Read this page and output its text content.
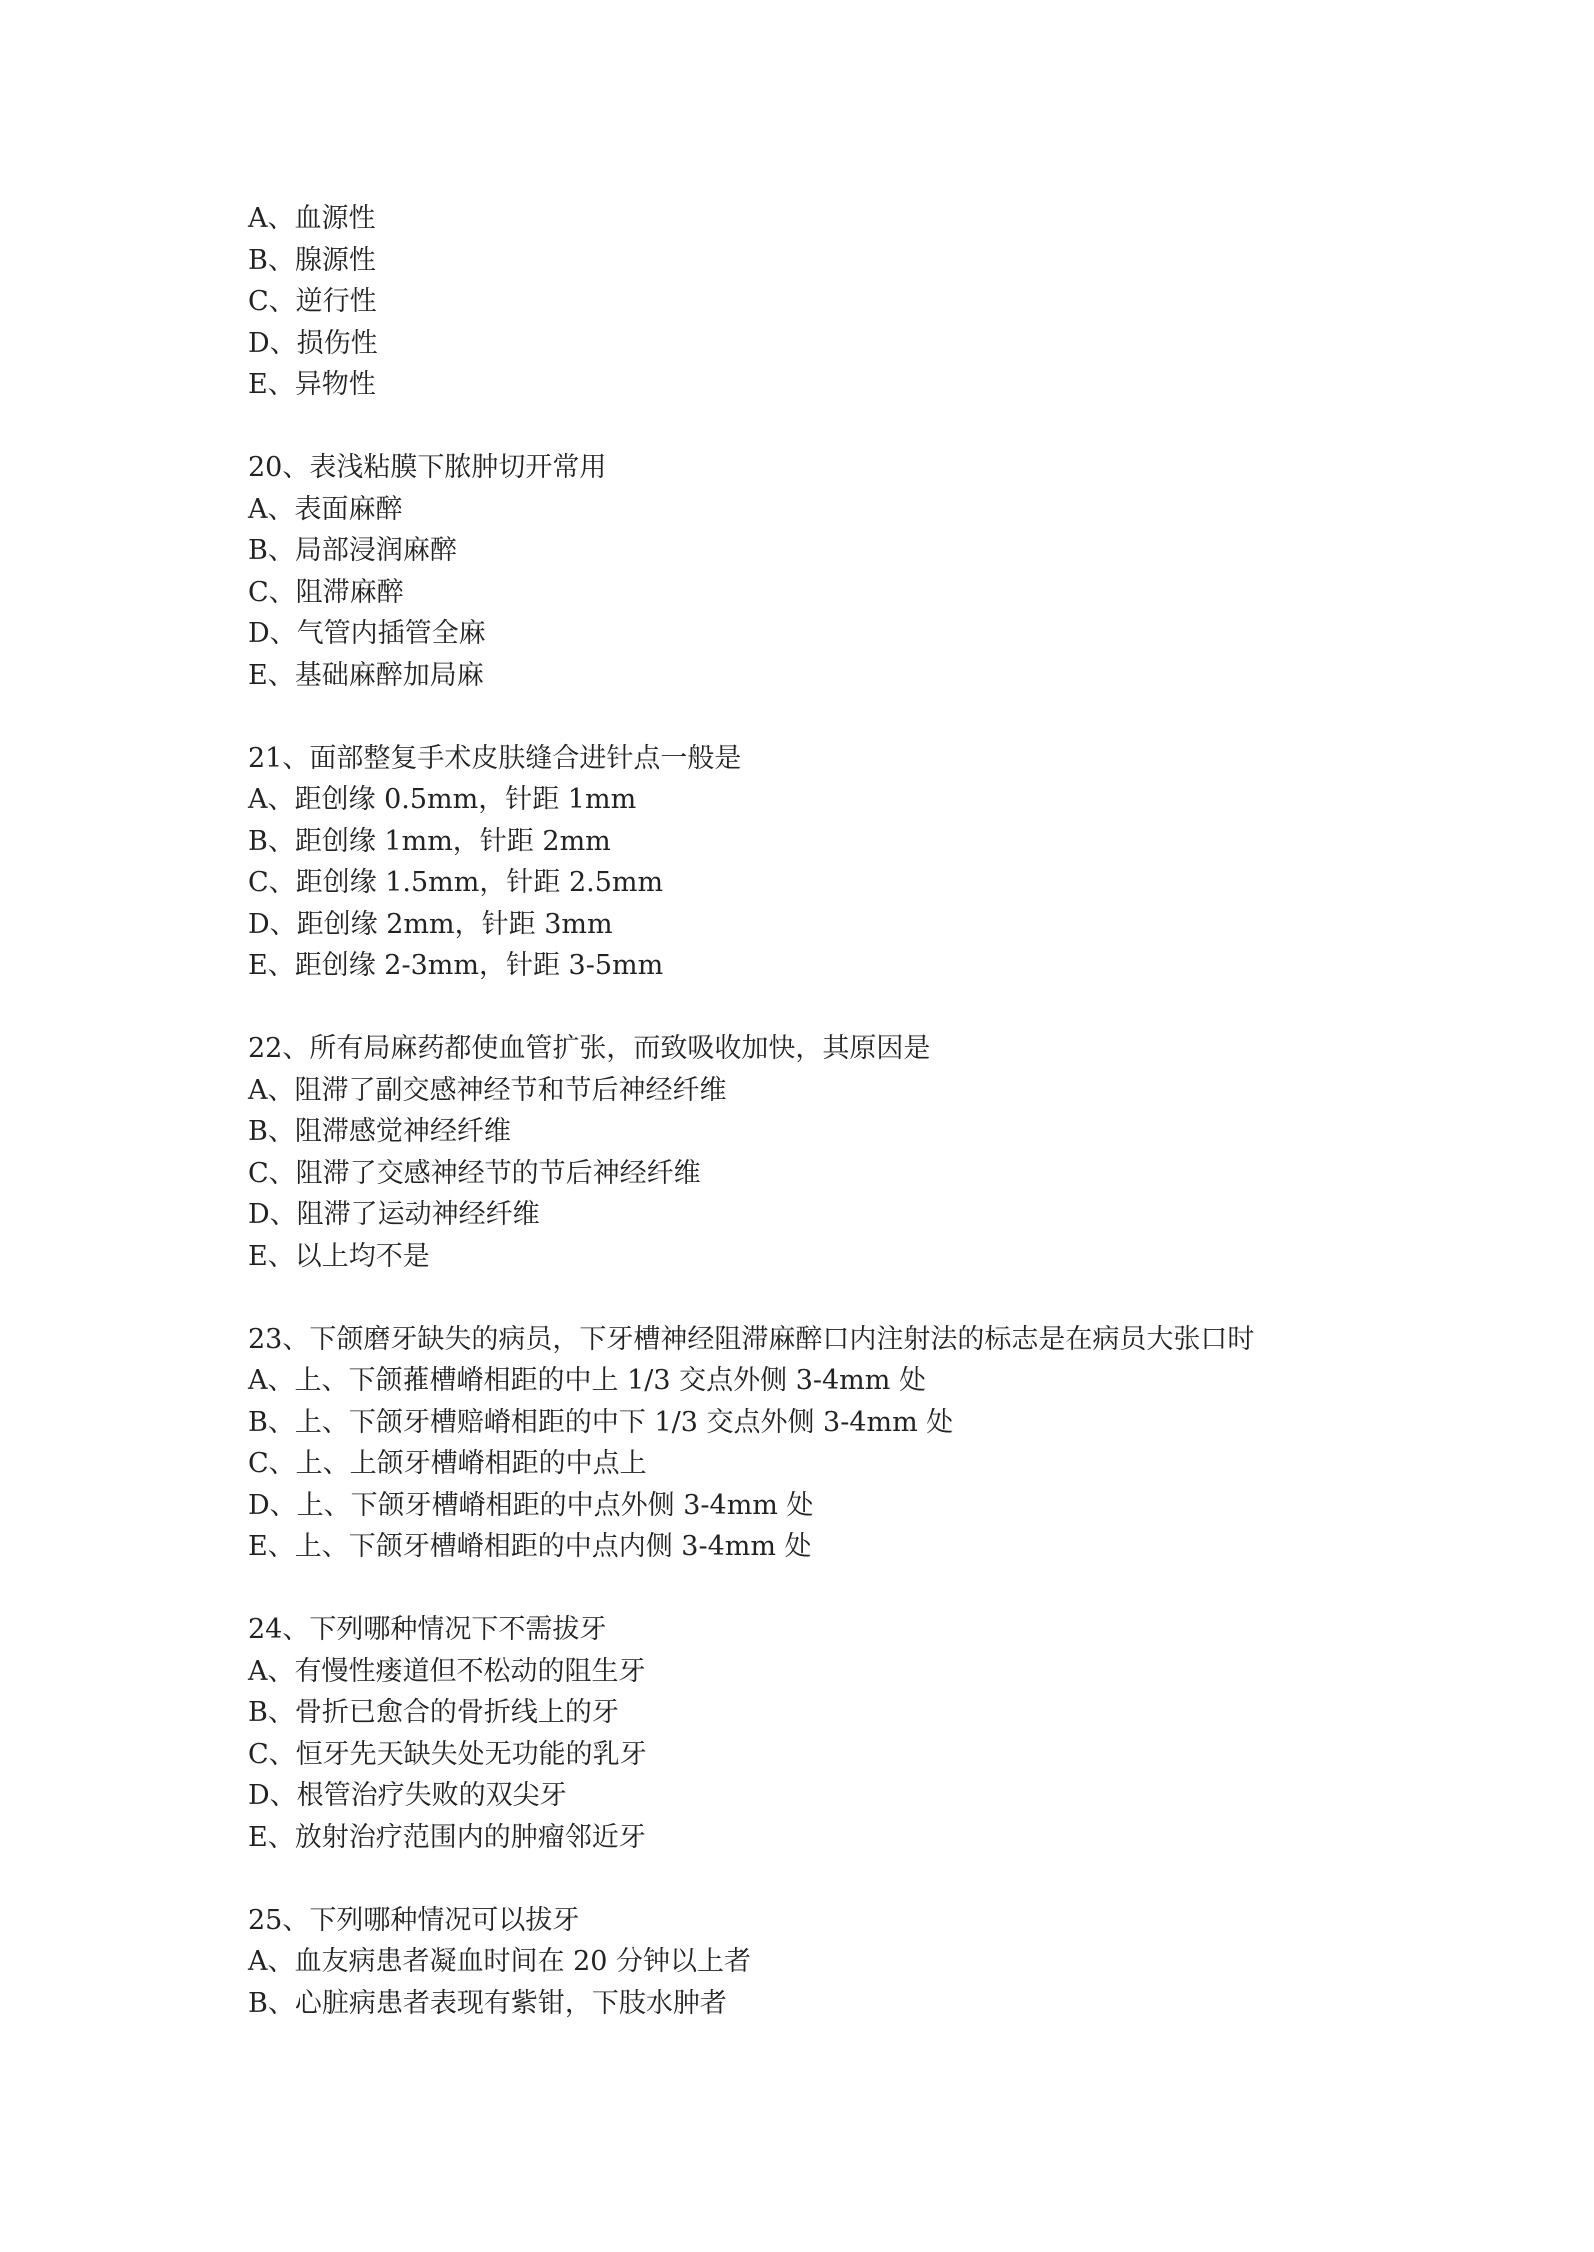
A、血源性
B、腺源性
C、逆行性
D、损伤性
E、异物性
20、表浅粘膜下脓肿切开常用
A、表面麻醉
B、局部浸润麻醉
C、阻滞麻醉
D、气管内插管全麻
E、基础麻醉加局麻
21、面部整复手术皮肤缝合进针点一般是
A、距创缘 0.5mm，针距 1mm
B、距创缘 1mm，针距 2mm
C、距创缘 1.5mm，针距 2.5mm
D、距创缘 2mm，针距 3mm
E、距创缘 2-3mm，针距 3-5mm
22、所有局麻药都使血管扩张，而致吸收加快，其原因是
A、阻滞了副交感神经节和节后神经纤维
B、阻滞感觉神经纤维
C、阻滞了交感神经节的节后神经纤维
D、阻滞了运动神经纤维
E、以上均不是
23、下颌磨牙缺失的病员，下牙槽神经阻滞麻醉口内注射法的标志是在病员大张口时
A、上、下颌蓷槽嵴相距的中上 1/3 交点外侧 3-4mm 处
B、上、下颌牙槽赔嵴相距的中下 1/3 交点外侧 3-4mm 处
C、上、上颌牙槽嵴相距的中点上
D、上、下颌牙槽嵴相距的中点外侧 3-4mm 处
E、上、下颌牙槽嵴相距的中点内侧 3-4mm 处
24、下列哪种情况下不需拔牙
A、有慢性瘘道但不松动的阻生牙
B、骨折已愈合的骨折线上的牙
C、恒牙先天缺失处无功能的乳牙
D、根管治疗失败的双尖牙
E、放射治疗范围内的肿瘤邻近牙
25、下列哪种情况可以拔牙
A、血友病患者凝血时间在 20 分钟以上者
B、心脏病患者表现有紫钳，下肢水肿者
